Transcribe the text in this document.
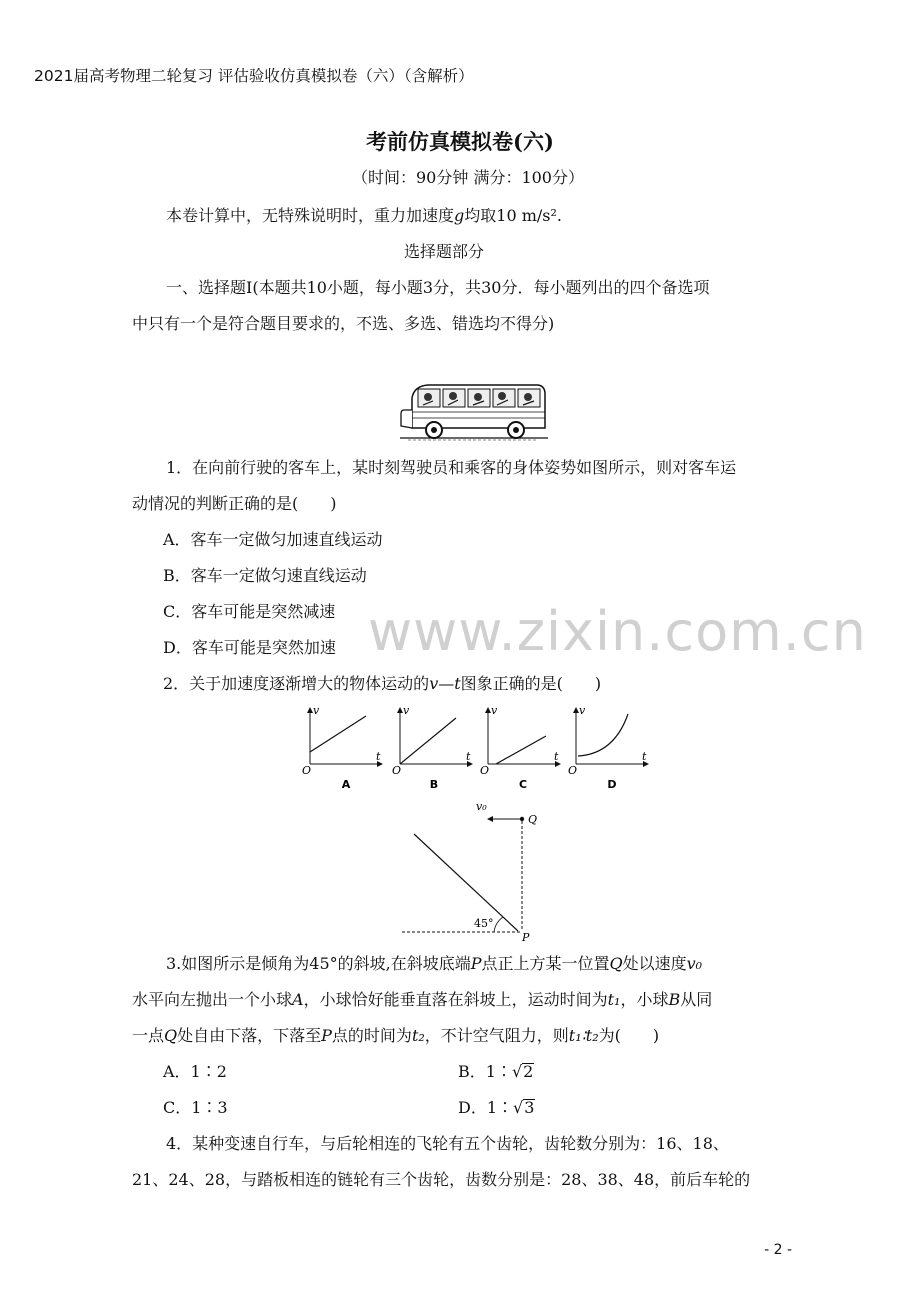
2021届高考物理二轮复习 评估验收仿真模拟卷（六）（含解析）
考前仿真模拟卷(六)
（时间：90分钟 满分：100分）
本卷计算中，无特殊说明时，重力加速度g均取10 m/s².
选择题部分
一、选择题Ⅰ(本题共10小题，每小题3分，共30分．每小题列出的四个备选项
中只有一个是符合题目要求的，不选、多选、错选均不得分)
1．在向前行驶的客车上，某时刻驾驶员和乘客的身体姿势如图所示，则对客车运
动情况的判断正确的是(　　)
A．客车一定做匀加速直线运动
B．客车一定做匀速直线运动
C．客车可能是突然减速
D．客车可能是突然加速 www.zixin.com.cn
2．关于加速度逐渐增大的物体运动的v—t图象正确的是(　　)
v
t
O
A
v
t
O
B
v
t
O
C
v
t
O
D
v₀
Q
45°
P
3.如图所示是倾角为45°的斜坡,在斜坡底端P点正上方某一位置Q处以速度v₀
水平向左抛出一个小球A，小球恰好能垂直落在斜坡上，运动时间为t₁，小球B从同
一点Q处自由下落，下落至P点的时间为t₂，不计空气阻力，则t₁∶t₂为(　　)
A．1∶2	B．1∶√2
C．1∶3	D．1∶√3
4．某种变速自行车，与后轮相连的飞轮有五个齿轮，齿轮数分别为：16、18、
21、24、28，与踏板相连的链轮有三个齿轮，齿数分别是：28、38、48，前后车轮的
- 2 -
